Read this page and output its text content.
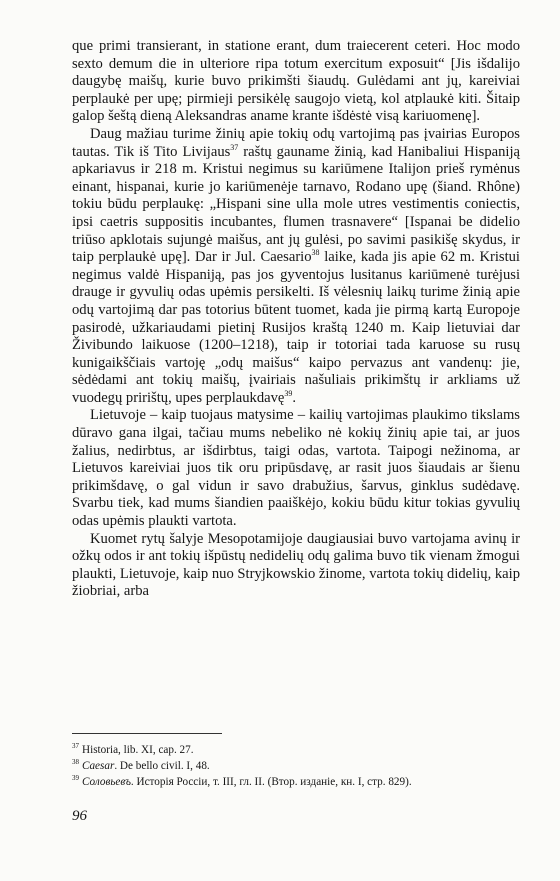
que primi transierant, in statione erant, dum traiecerent ceteri. Hoc modo sexto demum die in ulteriore ripa totum exercitum exposuit“ [Jis išdalijo daugybę maišų, kurie buvo prikimšti šiaudų. Gulėdami ant jų, kareiviai perplaukė per upę; pirmieji persikėlę saugojo vietą, kol atplaukė kiti. Šitaip galop šeštą dieną Aleksandras aname krante išdėstė visą kariuomenę].

Daug mažiau turime žinių apie tokių odų vartojimą pas įvairias Europos tautas. Tik iš Tito Livijaus$^{37}$ raštų gauname žinią, kad Hanibaliui Hispaniją apkariavus ir 218 m. Kristui negimus su kariūmene Italijon prieš rymėnus einant, hispanai, kurie jo kariūmenėje tarnavo, Rodano upę (šiand. Rhône) tokiu būdu perplaukę: „Hispani sine ulla mole utres vestimentis coniectis, ipsi caetris suppositis incubantes, flumen trasnavere“ [Ispanai be didelio triūso apklotais sujungė maišus, ant jų gulėsi, po savimi pasikišę skydus, ir taip perplaukė upę]. Dar ir Jul. Caesario$^{38}$ laike, kada jis apie 62 m. Kristui negimus valdė Hispaniją, pas jos gyventojus lusitanus kariūmenė turėjusi drauge ir gyvulių odas upėmis persikelti. Iš vėlesnių laikų turime žinią apie odų vartojimą dar pas totorius būtent tuomet, kada jie pirmą kartą Europoje pasirodė, užkariaudami pietinį Rusijos kraštą 1240 m. Kaip lietuviai dar Živibundo laikuose (1200–1218), taip ir totoriai tada karuose su rusų kunigaikščiais vartoję „odų maišus“ kaipo pervazus ant vandenų: jie, sėdėdami ant tokių maišų, įvairiais našuliais prikimštų ir arkliams už vuodegų pririštų, upes perplaukdavę$^{39}$.

Lietuvoje – kaip tuojaus matysime – kailių vartojimas plaukimo tikslams dūravo gana ilgai, tačiau mums nebeliko nė kokių žinių apie tai, ar juos žalius, nedirbtus, ar išdirbtus, taigi odas, vartota. Taipogi nežinoma, ar Lietuvos kareiviai juos tik oru pripūsdavę, ar rasit juos šiaudais ar šienu prikimšdavę, o gal vidun ir savo drabužius, šarvus, ginklus sudėdavę. Svarbu tiek, kad mums šiandien paaiškėjo, kokiu būdu kitur tokias gyvulių odas upėmis plaukti vartota.

Kuomet rytų šalyje Mesopotamijoje daugiausiai buvo vartojama avinų ir ožkų odos ir ant tokių išpūstų nedidelių odų galima buvo tik vienam žmogui plaukti, Lietuvoje, kaip nuo Stryjkowskio žinome, vartota tokių didelių, kaip žiobriai, arba

37 Historia, lib. XI, cap. 27.

38 Caesar. De bello civil. I, 48.

39 Соловьевъ. Исторiя Россiи, т. III, гл. II. (Втор. изданie, кн. I, стр. 829).

96
